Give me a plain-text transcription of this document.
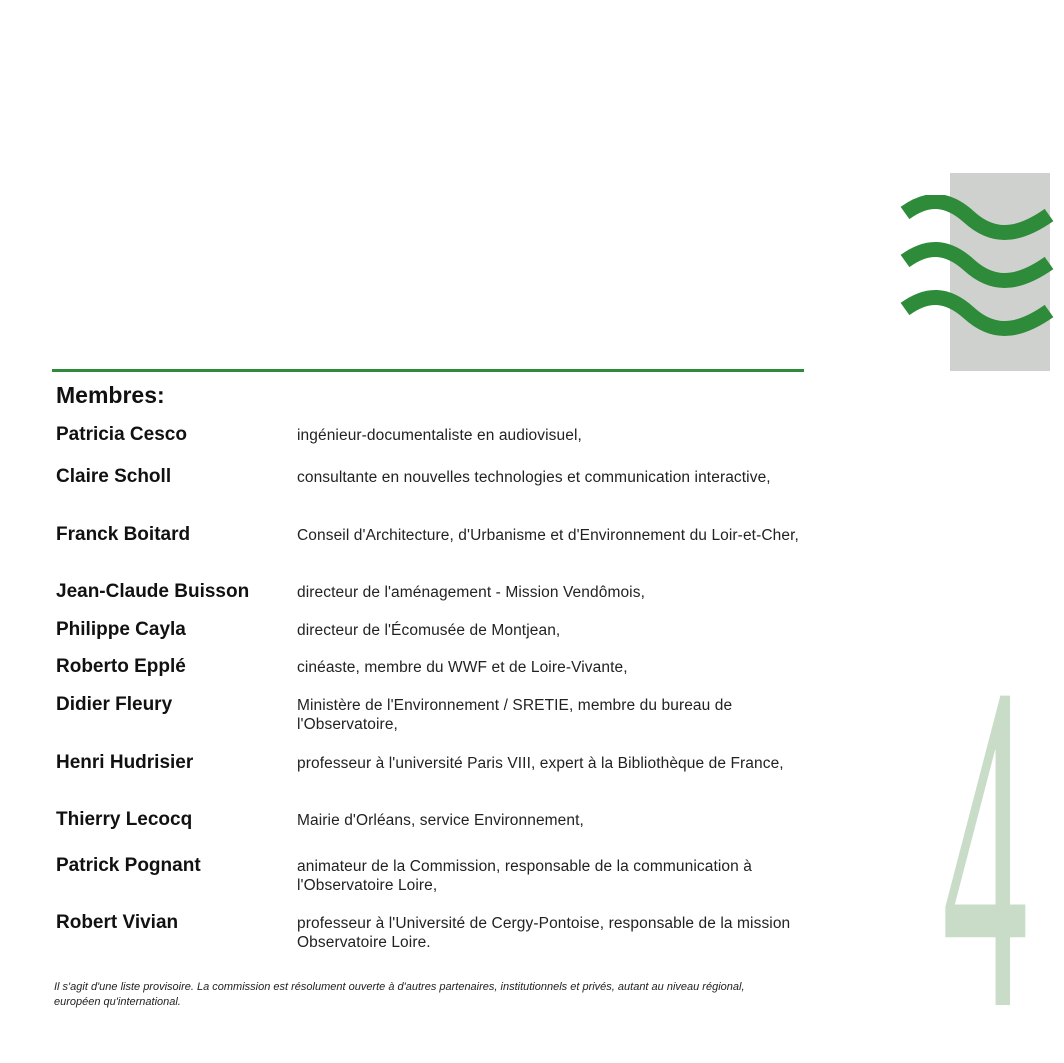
Membres:
Patricia Cesco	ingénieur-documentaliste en audiovisuel,
Claire Scholl	consultante en nouvelles technologies et communication interactive,
Franck Boitard	Conseil d'Architecture, d'Urbanisme et d'Environnement du Loir-et-Cher,
Jean-Claude Buisson	directeur de l'aménagement - Mission Vendômois,
Philippe Cayla	directeur de l'Écomusée de Montjean,
Roberto Epplé	cinéaste, membre du WWF et de Loire-Vivante,
Didier Fleury	Ministère de l'Environnement / SRETIE, membre du bureau de l'Observatoire,
Henri Hudrisier	professeur à l'université Paris VIII, expert à la Bibliothèque de France,
Thierry Lecocq	Mairie d'Orléans, service Environnement,
Patrick Pognant	animateur de la Commission, responsable de la communication à l'Observatoire Loire,
Robert Vivian	professeur à l'Université de Cergy-Pontoise, responsable de la mission Observatoire Loire.

Il s'agit d'une liste provisoire. La commission est résolument ouverte à d'autres partenaires, institutionnels et privés, autant au niveau régional, européen qu'international.	4
